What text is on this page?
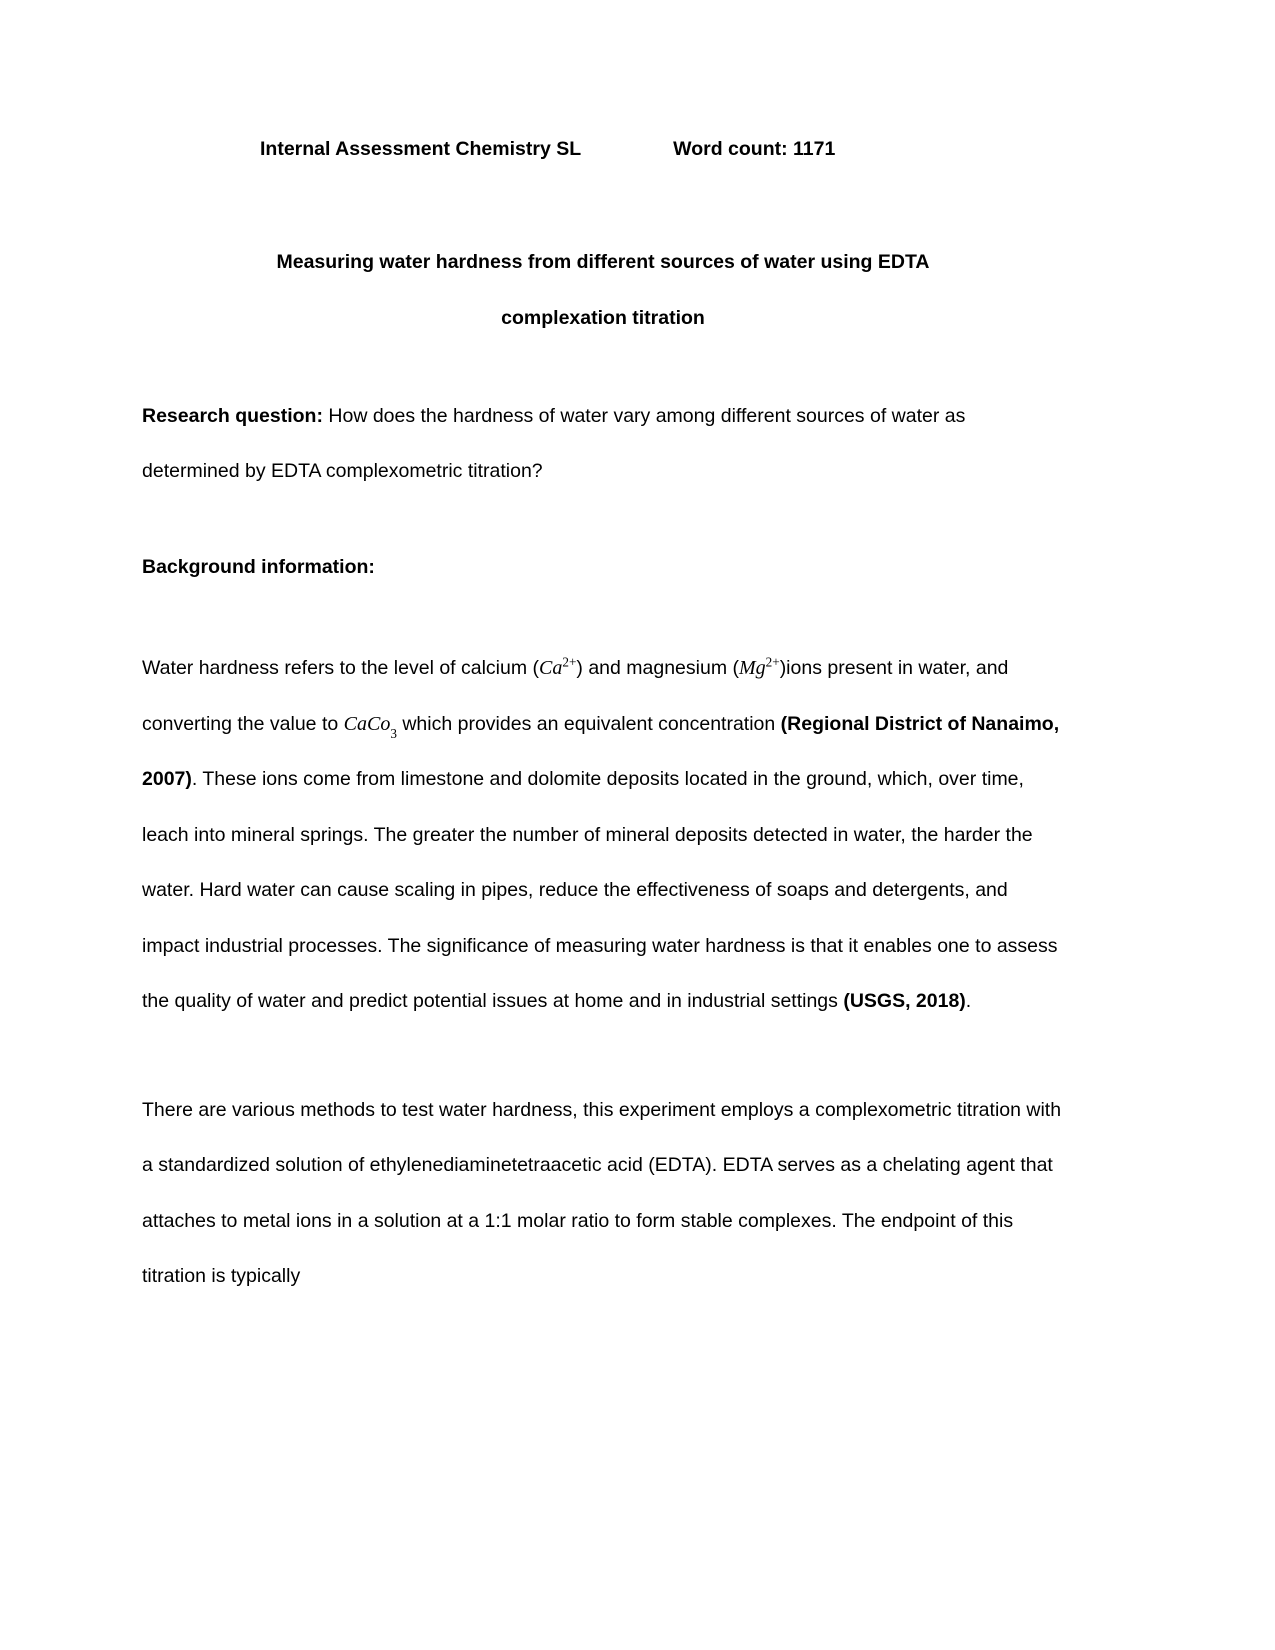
Internal Assessment Chemistry SL	Word count: 1171
Measuring water hardness from different sources of water using EDTA
complexation titration
Research question: How does the hardness of water vary among different sources of water as determined by EDTA complexometric titration?
Background information:
Water hardness refers to the level of calcium $(Ca^{2+})$ and magnesium $(Mg^{2+})ions$ present in water, and converting the value to CaCo$_3$ which provides an equivalent concentration (Regional District of Nanaimo, 2007). These ions come from limestone and dolomite deposits located in the ground, which, over time, leach into mineral springs. The greater the number of mineral deposits detected in water, the harder the water. Hard water can cause scaling in pipes, reduce the effectiveness of soaps and detergents, and impact industrial processes. The significance of measuring water hardness is that it enables one to assess the quality of water and predict potential issues at home and in industrial settings (USGS, 2018).
There are various methods to test water hardness, this experiment employs a complexometric titration with a standardized solution of ethylenediaminetetraacetic acid (EDTA). EDTA serves as a chelating agent that attaches to metal ions in a solution at a 1:1 molar ratio to form stable complexes. The endpoint of this titration is typically
